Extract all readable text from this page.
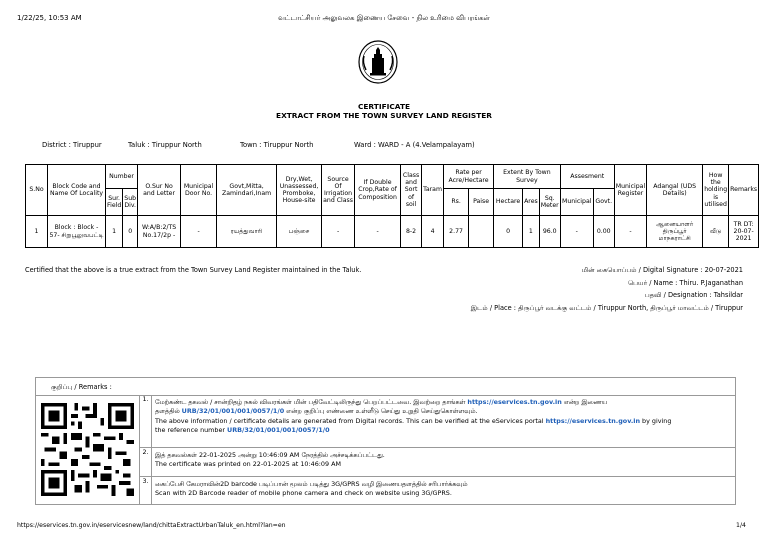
1/22/25, 10:53 AM	வட்டாட்சியர் அலுவலக இணைய சேவை - நில உரிமை விபரங்கள்
CERTIFICATE
EXTRACT FROM THE TOWN SURVEY LAND REGISTER
District : Tiruppur	Taluk : Tiruppur North	Town : Tiruppur North	Ward : WARD - A (4.Velampalayam)
S.No	Block Code and Name Of Locality	Number		O.Sur No and Letter	Municipal Door No.	Govt,Mitta, Zamindari,Inam	Dry,Wet, Unassessed, Promboke, House-site	Source Of Irrigation and Class	If Double Crop,Rate of Composition	Class and Sort of soil	Taram	Rate per Acre/Hectare		Extent By Town Survey			Assesment		Municipal Register	Adangal (UDS Details)	How the holding is utilised	Remarks
		Sur. Field	Sub Div.									Rs.	Paise	Hectare	Ares	Sq. Meter	Municipal	Govt.				
1	Block : Block - 57- சிறுபூலுவபட்டி	1	0	W:A/B:2/TS No.17/2p -	-	ரயத்துவாரி	பஞ்சை	-	-	8-2	4	2.77		0	1	96.0	-	0.00	-	ஆனையாளர் திருப்பூர் மாநகராட்சி	வீடு	TR DT: 20-07-2021
Certified that the above is a true extract from the Town Survey Land Register maintained in the Taluk.	மின் கையொப்பம் / Digital Signature : 20-07-2021
பெயர் / Name : Thiru. P.Jaganathan
பதவி / Designation : Tahsildar
இடம் / Place : திருப்பூர் வடக்கு வட்டம் / Tiruppur North, திருப்பூர் மாவட்டம் / Tiruppur
குறிப்பு / Remarks :
1.	மேற்கண்ட தகவல் / சான்றிதழ் நகல் விவரங்கள் மின் பதிவேட்டிலிருந்து பெறப்பட்டவை. இவற்றை தாங்கள் https://eservices.tn.gov.in என்ற இணைய
தளத்தில் URB/32/01/001/001/0057/1/0 என்ற குறிப்பு எண்ணை உள்ளீடு செய்து உறுதி செய்துகொள்ளவும்.
The above information / certificate details are generated from Digital records. This can be verified at the eServices portal https://eservices.tn.gov.in by giving
the reference number URB/32/01/001/001/0057/1/0
2.	இத் தகவல்கள் 22-01-2025 அன்று 10:46:09 AM நேரத்தில் அச்சடிக்கப்பட்டது.
The certificate was printed on 22-01-2025 at 10:46:09 AM
3.	கைப்பேசி கேமராவின்2D barcode படிப்பான் மூலம் படித்து 3G/GPRS வழி இணையதளத்தில் சரிபார்க்கவும்
Scan with 2D Barcode reader of mobile phone camera and check on website using 3G/GPRS.
https://eservices.tn.gov.in/eservicesnew/land/chittaExtractUrbanTaluk_en.html?lan=en	1/4
